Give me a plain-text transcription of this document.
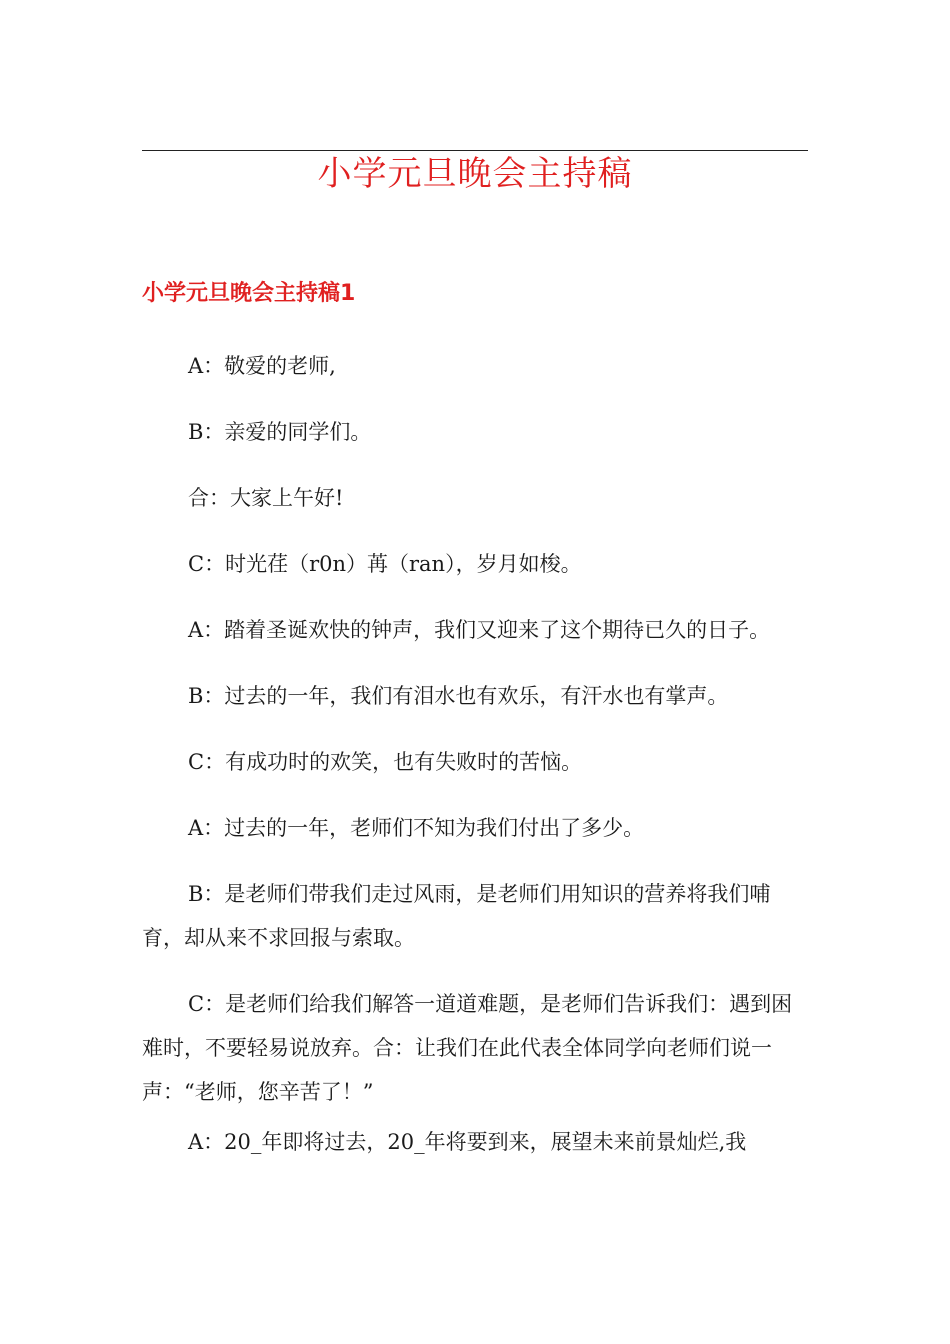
小学元旦晚会主持稿
小学元旦晚会主持稿1

A：敬爱的老师,

B：亲爱的同学们。

合：大家上午好!

C：时光荏（r0n）苒（ran），岁月如梭。

A：踏着圣诞欢快的钟声，我们又迎来了这个期待已久的日子。

B：过去的一年，我们有泪水也有欢乐，有汗水也有掌声。

C：有成功时的欢笑，也有失败时的苦恼。

A：过去的一年，老师们不知为我们付出了多少。

B：是老师们带我们走过风雨，是老师们用知识的营养将我们哺育，却从来不求回报与索取。

C：是老师们给我们解答一道道难题，是老师们告诉我们：遇到困难时，不要轻易说放弃。合：让我们在此代表全体同学向老师们说一声：“老师，您辛苦了！”

A：20_年即将过去，20_年将要到来，展望未来前景灿烂,我
